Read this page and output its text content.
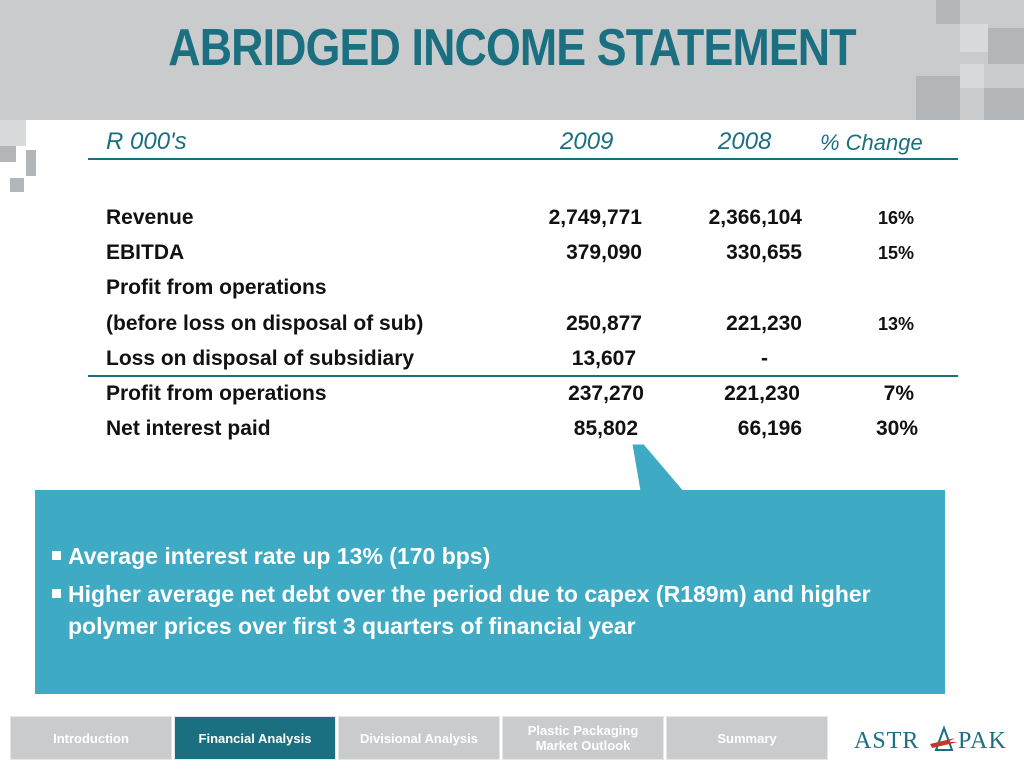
ABRIDGED INCOME STATEMENT
R 000's	2009	2008 % Change
Revenue	2,749,771	2,366,104	16%
EBITDA	379,090	330,655	15%
Profit from operations
(before loss on disposal of sub)	250,877	221,230	13%
Loss on disposal of subsidiary	13,607	-
Profit from operations	237,270	221,230	7%
Net interest paid	85,802	66,196	30%
Average interest rate up 13% (170 bps)
Higher average net debt over the period due to capex (R189m) and higher polymer prices over first 3 quarters of financial year
Introduction	Financial Analysis	Divisional Analysis	Plastic Packaging Market Outlook	Summary	ASTR PAK
